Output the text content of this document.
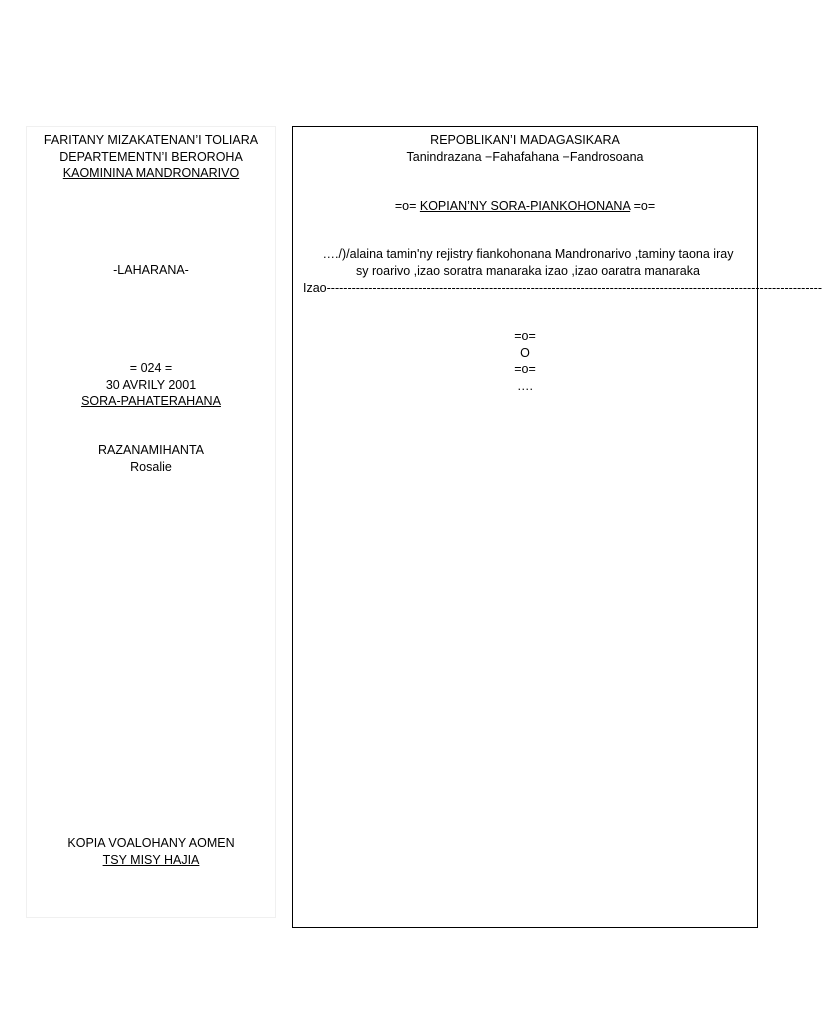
FARITANY MIZAKATENAN’I TOLIARA
DEPARTEMENTN’I BEROROHA
KAOMININA MANDRONARIVO
-LAHARANA-
= 024 =
30 AVRILY 2001
SORA-PAHATERAHANA
RAZANAMIHANTA
Rosalie
KOPIA VOALOHANY AOMEN
TSY MISY HAJIA
REPOBLIKAN’I MADAGASIKARA
Tanindrazana −Fahafahana −Fandrosoana
=o= KOPIAN’NY SORA-PIANKOHONANA =o=
…./)/alaina tamin'ny rejistry fiankohonana Mandronarivo ,taminy taona iray
sy roarivo ,izao soratra manaraka izao ,izao oaratra manaraka
Izao-----------------------------------------------------------------------------------------------------------------------
=o=
O
=o=
….
